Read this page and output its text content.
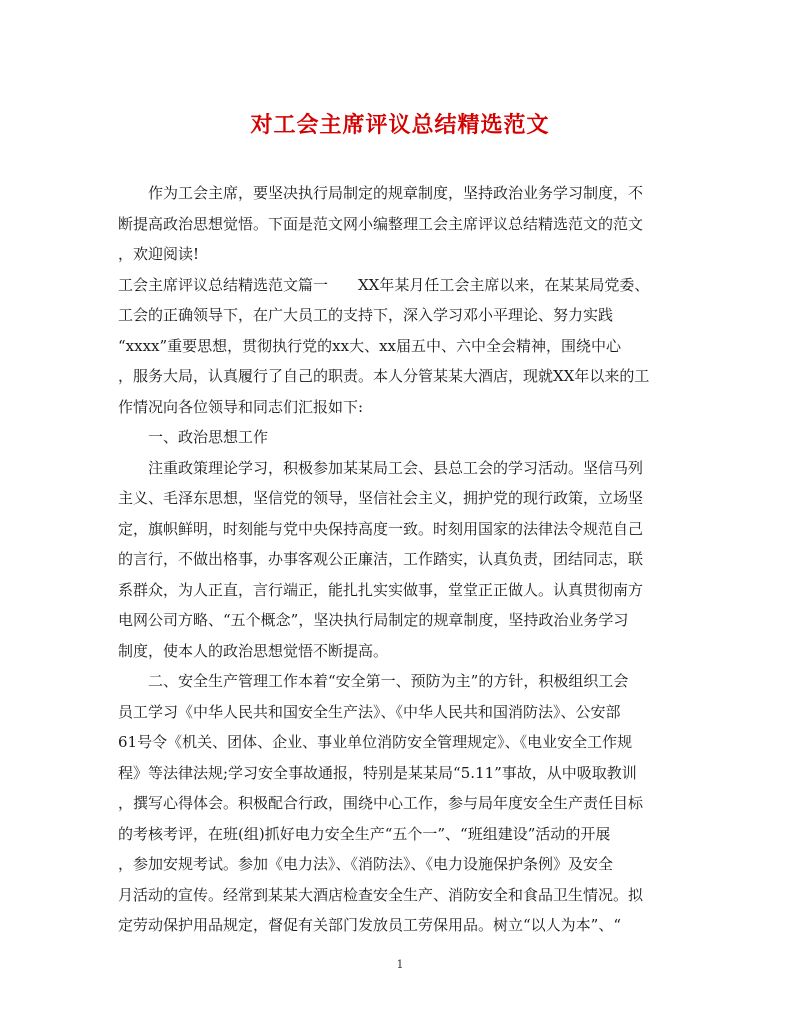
对工会主席评议总结精选范文
　　作为工会主席，要坚决执行局制定的规章制度，坚持政治业务学习制度，不
断提高政治思想觉悟。下面是范文网小编整理工会主席评议总结精选范文的范文
，欢迎阅读!
工会主席评议总结精选范文篇一　　XX年某月任工会主席以来，在某某局党委、
工会的正确领导下，在广大员工的支持下，深入学习邓小平理论、努力实践
“xxxx”重要思想，贯彻执行党的xx大、xx届五中、六中全会精神，围绕中心
，服务大局，认真履行了自己的职责。本人分管某某大酒店，现就XX年以来的工
作情况向各位领导和同志们汇报如下:
　　一、政治思想工作
　　注重政策理论学习，积极参加某某局工会、县总工会的学习活动。坚信马列
主义、毛泽东思想，坚信党的领导，坚信社会主义，拥护党的现行政策，立场坚
定，旗帜鲜明，时刻能与党中央保持高度一致。时刻用国家的法律法令规范自己
的言行，不做出格事，办事客观公正廉洁，工作踏实，认真负责，团结同志，联
系群众，为人正直，言行端正，能扎扎实实做事，堂堂正正做人。认真贯彻南方
电网公司方略、“五个概念”，坚决执行局制定的规章制度，坚持政治业务学习
制度，使本人的政治思想觉悟不断提高。
　　二、安全生产管理工作本着“安全第一、预防为主”的方针，积极组织工会
员工学习《中华人民共和国安全生产法》、《中华人民共和国消防法》、公安部
61号令《机关、团体、企业、事业单位消防安全管理规定》、《电业安全工作规
程》等法律法规;学习安全事故通报，特别是某某局“5.11”事故，从中吸取教训
，撰写心得体会。积极配合行政，围绕中心工作，参与局年度安全生产责任目标
的考核考评，在班(组)抓好电力安全生产“五个一”、“班组建设”活动的开展
，参加安规考试。参加《电力法》、《消防法》、《电力设施保护条例》及安全
月活动的宣传。经常到某某大酒店检查安全生产、消防安全和食品卫生情况。拟
定劳动保护用品规定，督促有关部门发放员工劳保用品。树立“以人为本”、“
1
